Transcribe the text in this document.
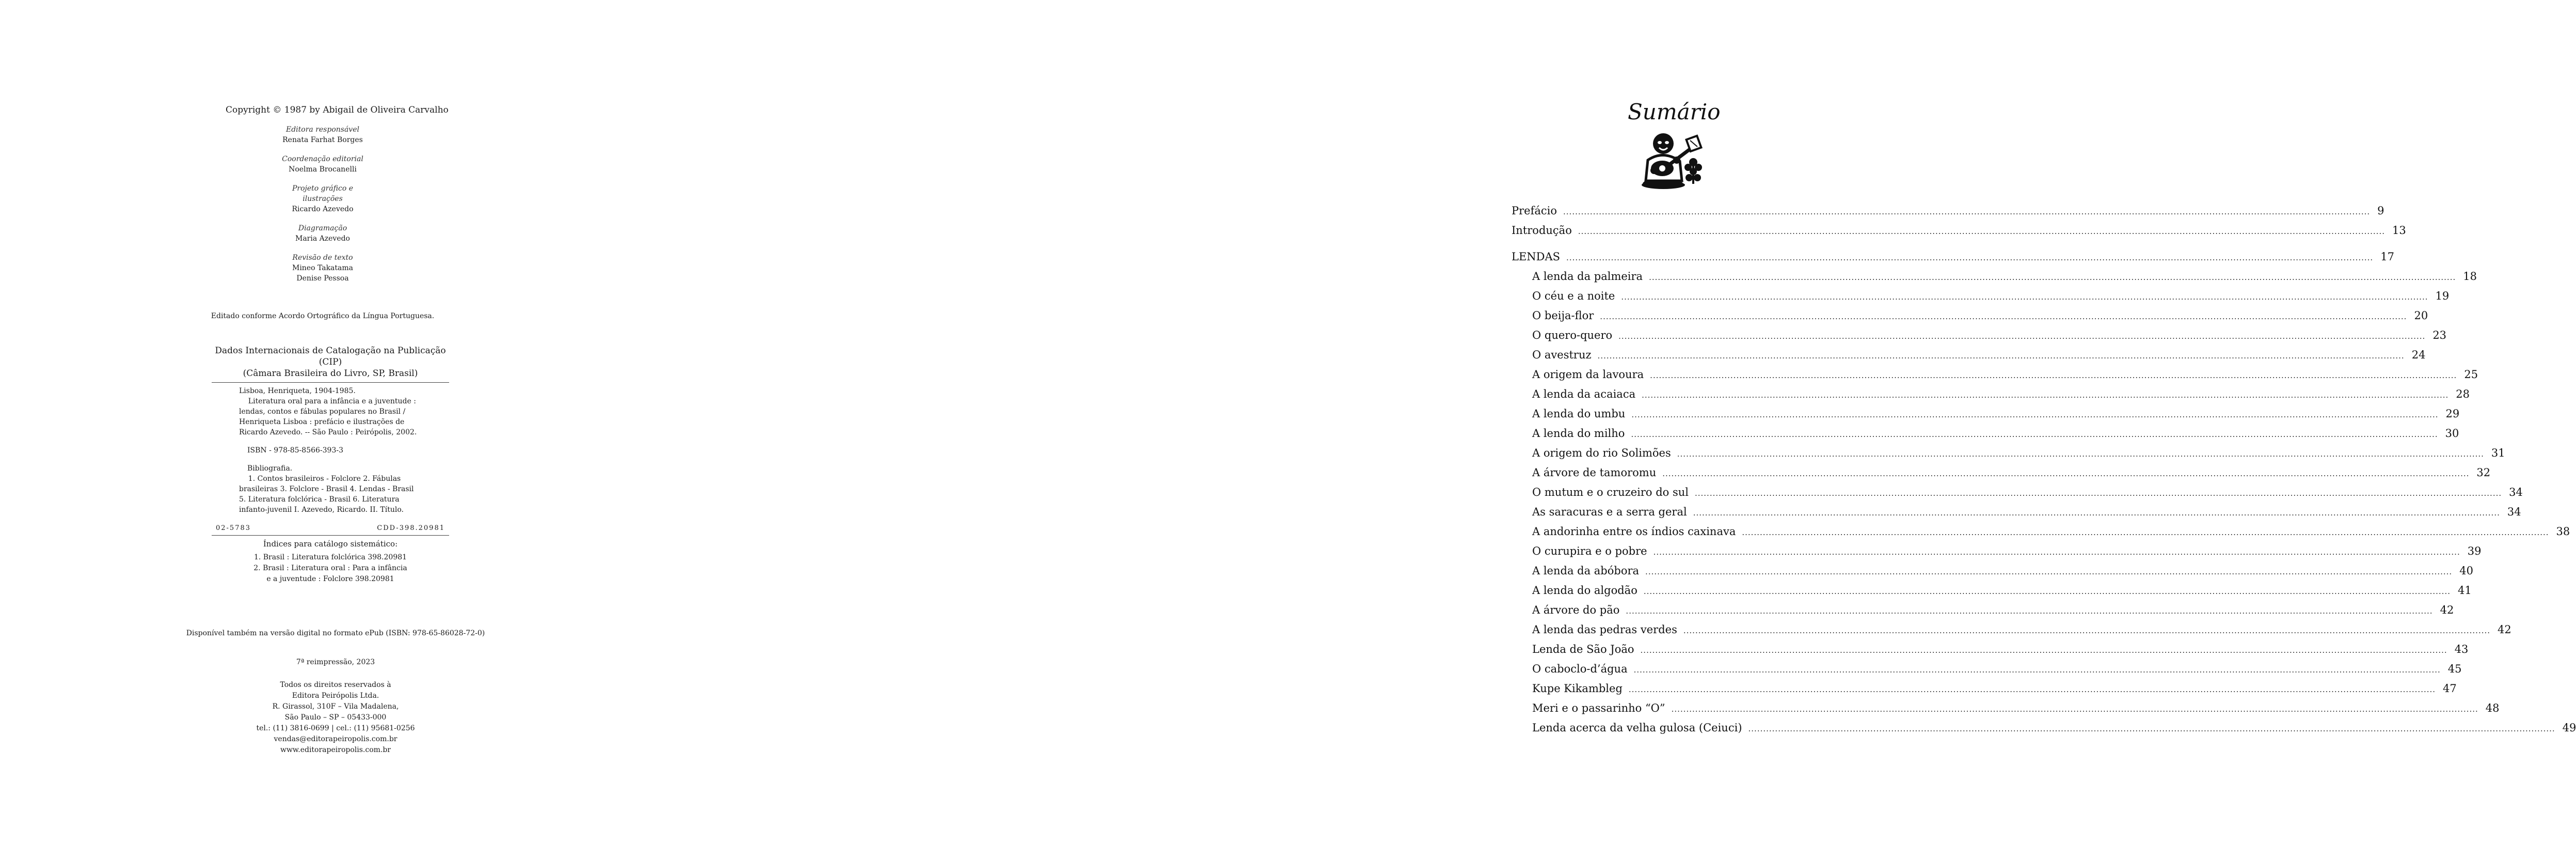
Copyright © 1987 by Abigail de Oliveira Carvalho
Editora responsável
Renata Farhat Borges
Coordenação editorial
Noelma Brocanelli
Projeto gráfico e ilustrações
Ricardo Azevedo
Diagramação
Maria Azevedo
Revisão de texto
Mineo Takatama
Denise Pessoa
Editado conforme Acordo Ortográfico da Língua Portuguesa.
Dados Internacionais de Catalogação na Publicação (CIP)
(Câmara Brasileira do Livro, SP, Brasil)
Lisboa, Henriqueta, 1904-1985.
Literatura oral para a infância e a juventude :
lendas, contos e fábulas populares no Brasil /
Henriqueta Lisboa : prefácio e ilustrações de
Ricardo Azevedo. -- São Paulo : Peirópolis, 2002.
ISBN - 978-85-8566-393-3
Bibliografia.
1. Contos brasileiros - Folclore 2. Fábulas
brasileiras 3. Folclore - Brasil 4. Lendas - Brasil
5. Literatura folclórica - Brasil 6. Literatura
infanto-juvenil I. Azevedo, Ricardo. II. Título.
02-5783	CDD-398.20981
Índices para catálogo sistemático:
1. Brasil : Literatura folclórica 398.20981
2. Brasil : Literatura oral : Para a infância
e a juventude : Folclore 398.20981
Disponível também na versão digital no formato ePub (ISBN: 978-65-86028-72-0)
7ª reimpressão, 2023
Todos os direitos reservados à
Editora Peirópolis Ltda.
R. Girassol, 310F – Vila Madalena,
São Paulo – SP – 05433-000
tel.: (11) 3816-0699 | cel.: (11) 95681-0256
vendas@editorapeiropolis.com.br
www.editorapeiropolis.com.br
Sumário
Prefácio .....	9
Introdução .....	13
LENDAS .....	17
A lenda da palmeira .....	18
O céu e a noite .....	19
O beija-flor .....	20
O quero-quero .....	23
O avestruz .....	24
A origem da lavoura .....	25
A lenda da acaiaca .....	28
A lenda do umbu .....	29
A lenda do milho .....	30
A origem do rio Solimões .....	31
A árvore de tamoromu .....	32
O mutum e o cruzeiro do sul .....	34
As saracuras e a serra geral .....	34
A andorinha entre os índios caxinava .....	38
O curupira e o pobre .....	39
A lenda da abóbora .....	40
A lenda do algodão .....	41
A árvore do pão .....	42
A lenda das pedras verdes .....	42
Lenda de São João .....	43
O caboclo-d’água .....	45
Kupe Kikambleg .....	47
Meri e o passarinho “O” .....	48
Lenda acerca da velha gulosa (Ceiuci) .....	49
